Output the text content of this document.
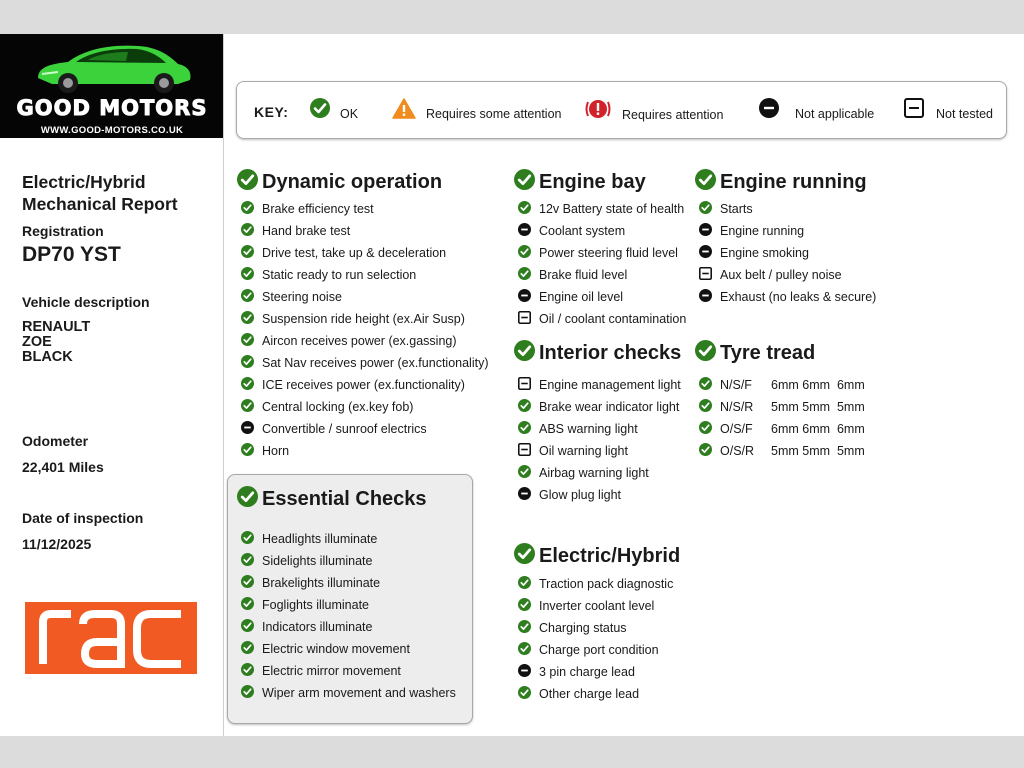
GOOD MOTORS
WWW.GOOD-MOTORS.CO.UK
Electric/Hybrid
Mechanical Report
Registration
DP70 YST
Vehicle description
RENAULT
ZOE
BLACK
Odometer
22,401 Miles
Date of inspection
11/12/2025
KEY:	OK	Requires some attention	Requires attention	Not applicable	Not tested
Dynamic operation
Essential Checks
Engine bay
Interior checks
Electric/Hybrid
Engine running
Tyre tread
Brake efficiency test
Hand brake test
Drive test, take up & deceleration
Static ready to run selection
Steering noise
Suspension ride height (ex.Air Susp)
Aircon receives power (ex.gassing)
Sat Nav receives power (ex.functionality)
ICE receives power (ex.functionality)
Central locking (ex.key fob)
Convertible / sunroof electrics
Horn
Headlights illuminate
Sidelights illuminate
Brakelights illuminate
Foglights illuminate
Indicators illuminate
Electric window movement
Electric mirror movement
Wiper arm movement and washers
12v Battery state of health
Coolant system
Power steering fluid level
Brake fluid level
Engine oil level
Oil / coolant contamination
Engine management light
Brake wear indicator light
ABS warning light
Oil warning light
Airbag warning light
Glow plug light
Traction pack diagnostic
Inverter coolant level
Charging status
Charge port condition
3 pin charge lead
Other charge lead
Starts
Engine running
Engine smoking
Aux belt / pulley noise
Exhaust (no leaks & secure)
N/S/F	6mm 6mm  6mm
N/S/R	5mm 5mm  5mm
O/S/F	6mm 6mm  6mm
O/S/R	5mm 5mm  5mm
